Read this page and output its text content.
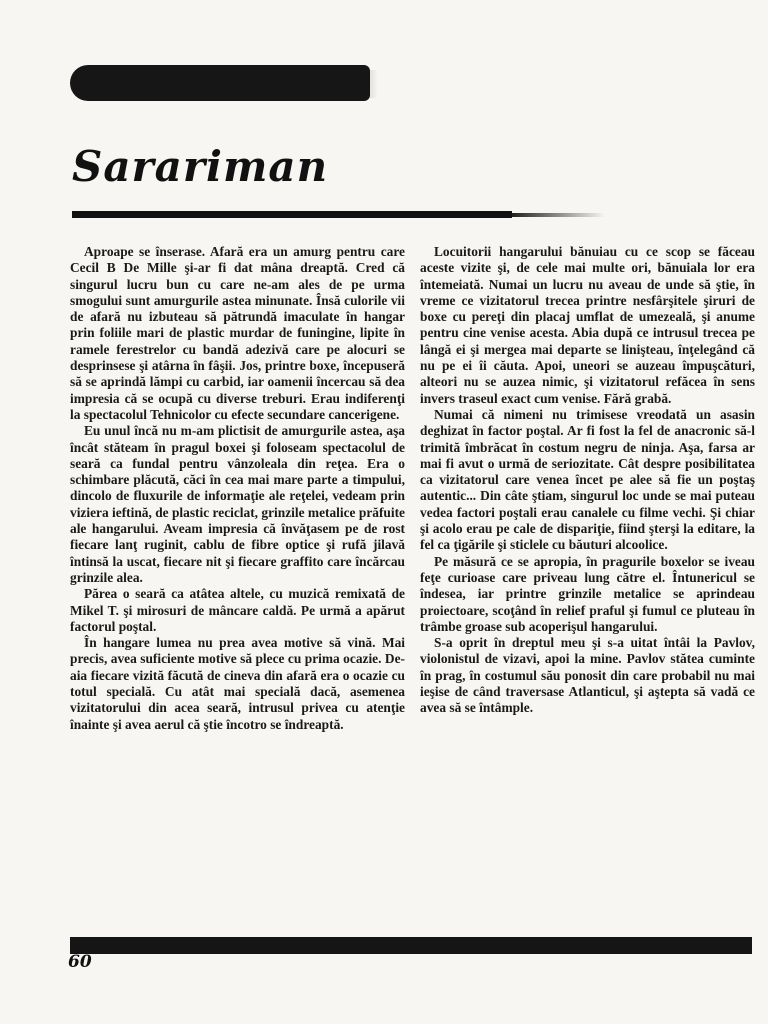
Sarariman

Aproape se înserase. Afară era un amurg pentru care Cecil B De Mille şi-ar fi dat mâna dreaptă. Cred că singurul lucru bun cu care ne-am ales de pe urma smogului sunt amurgurile astea minunate. Însă culorile vii de afară nu izbuteau să pătrundă imaculate în hangar prin foliile mari de plastic murdar de funingine, lipite în ramele ferestrelor cu bandă adezivă care pe alocuri se desprinsese şi atârna în fâşii. Jos, printre boxe, începuseră să se aprindă lămpi cu carbid, iar oamenii încercau să dea impresia că se ocupă cu diverse treburi. Erau indiferenţi la spectacolul Tehnicolor cu efecte secundare cancerigene.

Eu unul încă nu m-am plictisit de amurgurile astea, aşa încât stăteam în pragul boxei şi foloseam spectacolul de seară ca fundal pentru vânzoleala din reţea. Era o schimbare plăcută, căci în cea mai mare parte a timpului, dincolo de fluxurile de informaţie ale reţelei, vedeam prin viziera ieftină, de plastic reciclat, grinzile metalice prăfuite ale hangarului. Aveam impresia că învăţasem pe de rost fiecare lanţ ruginit, cablu de fibre optice şi rufă jilavă întinsă la uscat, fiecare nit şi fiecare graffito care încărcau grinzile alea.

Părea o seară ca atâtea altele, cu muzică remixată de Mikel T. şi mirosuri de mâncare caldă. Pe urmă a apărut factorul poştal.

În hangare lumea nu prea avea motive să vină. Mai precis, avea suficiente motive să plece cu prima ocazie. De-aia fiecare vizită făcută de cineva din afară era o ocazie cu totul specială. Cu atât mai specială dacă, asemenea vizitatorului din acea seară, intrusul privea cu atenţie înainte şi avea aerul că ştie încotro se îndreaptă.

Locuitorii hangarului bănuiau cu ce scop se făceau aceste vizite şi, de cele mai multe ori, bănuiala lor era întemeiată. Numai un lucru nu aveau de unde să ştie, în vreme ce vizitatorul trecea printre nesfârşitele şiruri de boxe cu pereţi din placaj umflat de umezeală, şi anume pentru cine venise acesta. Abia după ce intrusul trecea pe lângă ei şi mergea mai departe se liniştеau, înţelegând că nu pe ei îi căuta. Apoi, uneori se auzeau împuşcături, alteori nu se auzea nimic, şi vizitatorul refăcea în sens invers traseul exact cum venise. Fără grabă.

Numai că nimeni nu trimisese vreodată un asasin deghizat în factor poştal. Ar fi fost la fel de anacronic să-l trimită îmbrăcat în costum negru de ninja. Aşa, farsa ar mai fi avut o urmă de seriozitate. Cât despre posibilitatea ca vizitatorul care venea încet pe alee să fie un poştaş autentic... Din câte ştiam, singurul loc unde se mai puteau vedea factori poştali erau canalele cu filme vechi. Şi chiar şi acolo erau pe cale de dispariţie, fiind şterşi la editare, la fel ca ţigările şi sticlele cu băuturi alcoolice.

Pe măsură ce se apropia, în pragurile boxelor se iveau feţe curioase care priveau lung către el. Întunericul se îndesea, iar printre grinzile metalice se aprindeau proiectoare, scoţând în relief praful şi fumul ce pluteau în trâmbe groase sub acoperişul hangarului.

S-a oprit în dreptul meu şi s-a uitat întâi la Pavlov, violonistul de vizavi, apoi la mine. Pavlov stătea cuminte în prag, în costumul său ponosit din care probabil nu mai ieşise de când traversase Atlanticul, şi aştepta să vadă ce avea să se întâmple.

60
